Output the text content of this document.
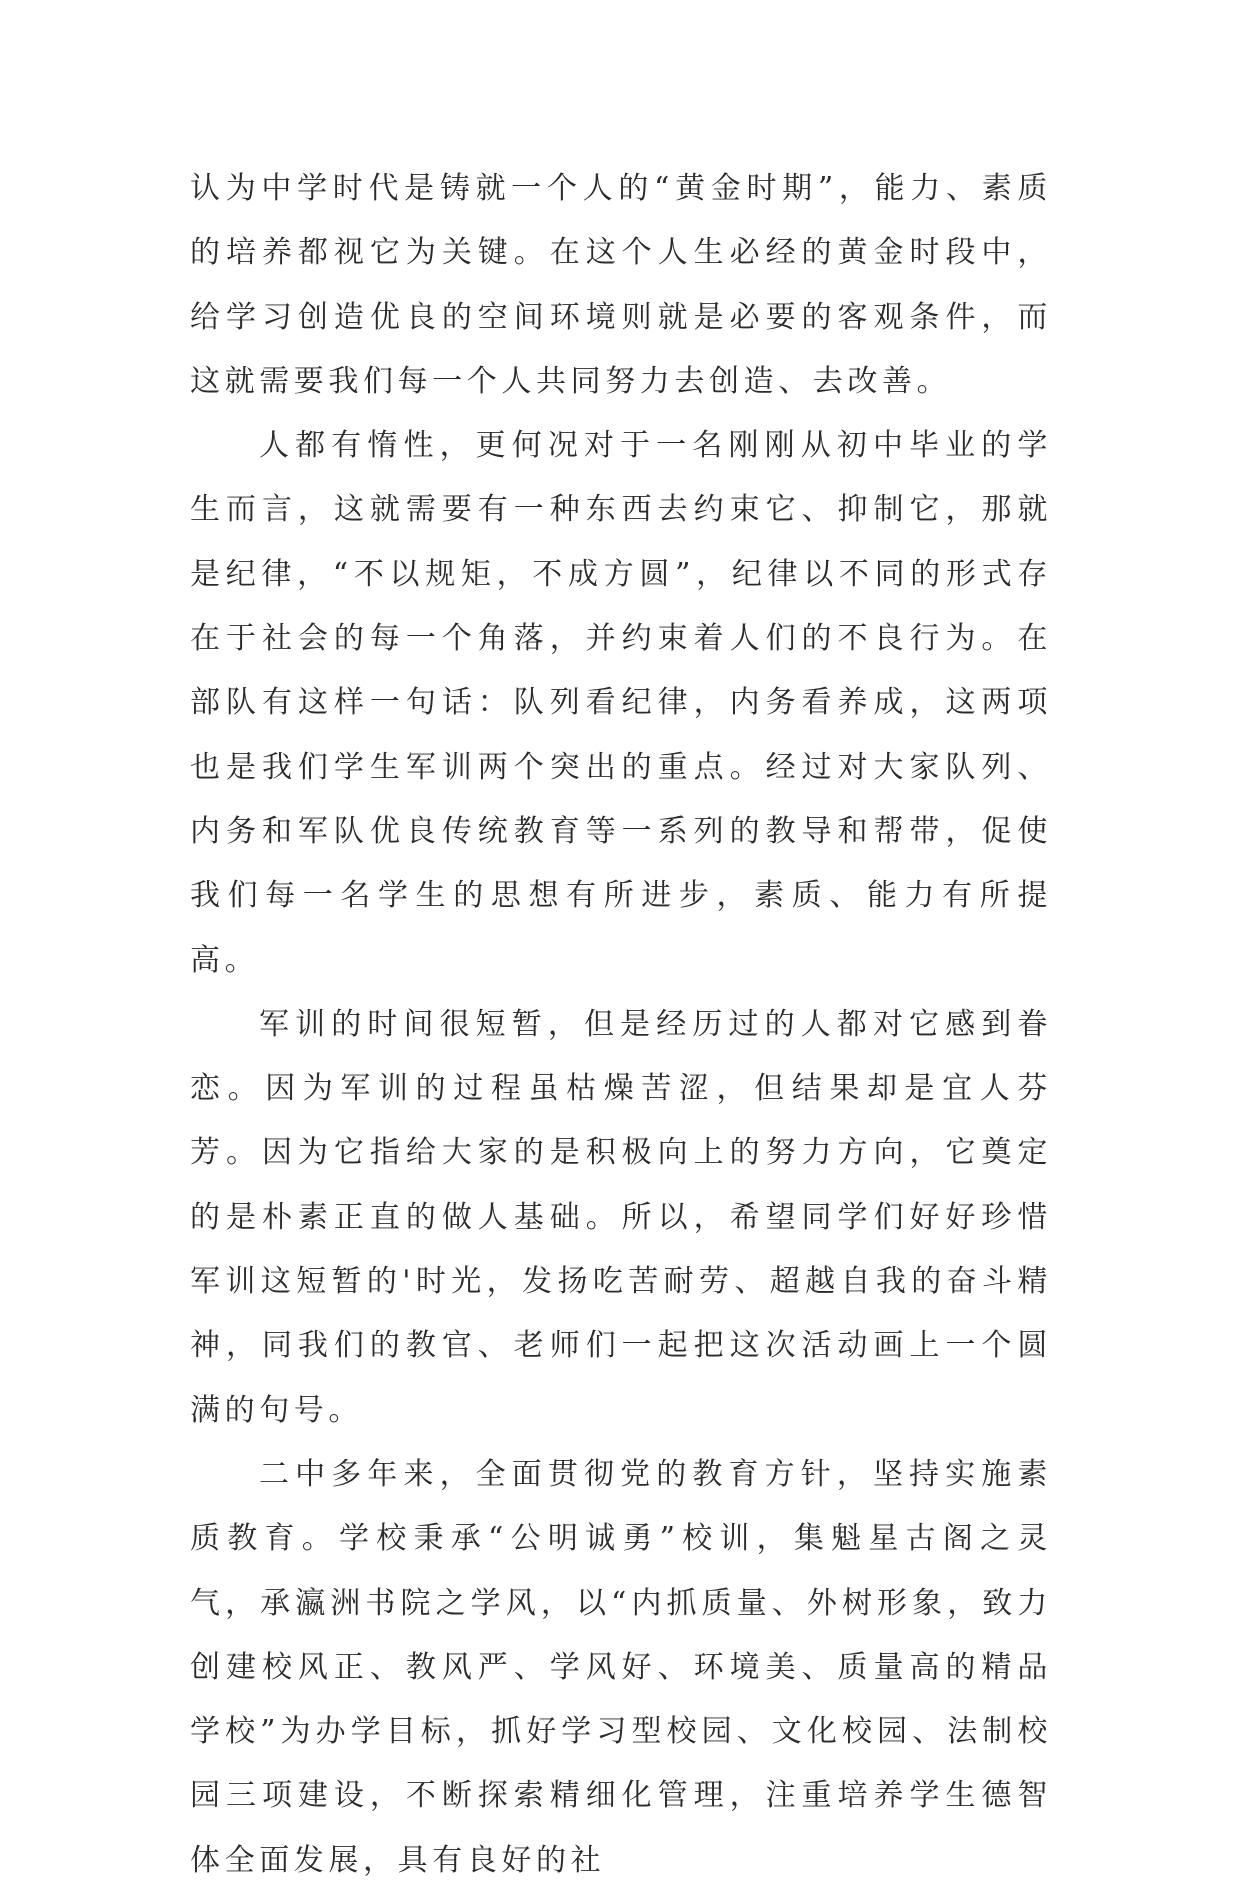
认为中学时代是铸就一个人的“黄金时期”，能力、素质的培养都视它为关键。在这个人生必经的黄金时段中，给学习创造优良的空间环境则就是必要的客观条件，而这就需要我们每一个人共同努力去创造、去改善。

人都有惰性，更何况对于一名刚刚从初中毕业的学生而言，这就需要有一种东西去约束它、抑制它，那就是纪律，“不以规矩，不成方圆”，纪律以不同的形式存在于社会的每一个角落，并约束着人们的不良行为。在部队有这样一句话：队列看纪律，内务看养成，这两项也是我们学生军训两个突出的重点。经过对大家队列、内务和军队优良传统教育等一系列的教导和帮带，促使我们每一名学生的思想有所进步，素质、能力有所提高。

军训的时间很短暂，但是经历过的人都对它感到眷恋。因为军训的过程虽枯燥苦涩，但结果却是宜人芬芳。因为它指给大家的是积极向上的努力方向，它奠定的是朴素正直的做人基础。所以，希望同学们好好珍惜军训这短暂的'时光，发扬吃苦耐劳、超越自我的奋斗精神，同我们的教官、老师们一起把这次活动画上一个圆满的句号。

二中多年来，全面贯彻党的教育方针，坚持实施素质教育。学校秉承“公明诚勇”校训，集魁星古阁之灵气，承瀛洲书院之学风，以“内抓质量、外树形象，致力创建校风正、教风严、学风好、环境美、质量高的精品学校”为办学目标，抓好学习型校园、文化校园、法制校园三项建设，不断探索精细化管理，注重培养学生德智体全面发展，具有良好的社
